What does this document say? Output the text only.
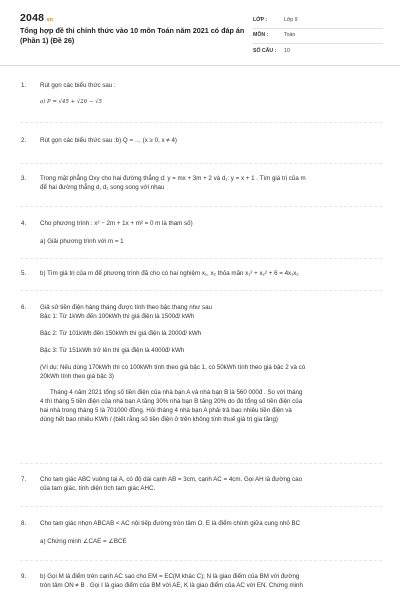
2048.vn
Tổng hợp đề thi chính thức vào 10 môn Toán năm 2021 có đáp án (Phần 1) (Đề 26)
LỚP :	Lớp 9
MÔN :	Toán
SỐ CÂU :	10
1. Rút gọn các biểu thức sau :
a) P = √45 + √20 − √5
2. Rút gọn các biểu thức sau :b) Q = … (x ≥ 0, x ≠ 4)
3. Trong mặt phẳng Oxy cho hai đường thẳng d: y = mx + 3m + 2 và d₁: y = x + 1 . Tìm giá trị của m
để hai đường thẳng d, d₁ song song với nhau
4. Cho phương trình : x² − 2m + 1x + m² = 0 m là tham số)
a) Giải phương trình với m = 1
5. b) Tìm giá trị của m để phương trình đã cho có hai nghiệm x₁, x₂ thỏa mãn x₁² + x₂² + 6 = 4x₁x₂
6. Giả sử tiền điện hàng tháng được tính theo bậc thang như sau
Bậc 1: Từ 1kWh đến 100kWh thì giá điện là 1500đ/ kWh
Bậc 2: Từ 101kWh đến 150kWh thì giá điện là 2000đ/ kWh
Bậc 3: Từ 151kWh trở lên thì giá điện là 4000đ/ kWh
(Ví dụ: Nếu dùng 170kWh thì có 100kWh tính theo giá bậc 1, có 50kWh tính theo giá bậc 2 và có
20kWh tính theo giá bậc 3)
Tháng 4 năm 2021 tổng số tiền điện của nhà bạn A và nhà bạn B là 560 000đ . So với tháng
4 thì tháng 5 tiền điện của nhà bạn A tăng 30% nhà bạn B tăng 20% do đó tổng số tiền điện của
hai nhà trong tháng 5 là 701000 đồng. Hỏi tháng 4 nhà bạn A phải trả bao nhiêu tiền điện và
dùng hết bao nhiêu KWh / (biết rằng số tiền điện ở trên không tính thuế giá trị gia tăng)
7. Cho tam giác ABC vuông tại A, có độ dài cạnh AB = 3cm, cạnh AC = 4cm. Gọi AH là đường cao
của tam giác, tính diện tích tam giác AHC.
8. Cho tam giác nhọn ABCAB < AC nội tiếp đường tròn tâm O. E là điểm chính giữa cung nhỏ BC
a) Chứng minh ∠CAE = ∠BCE
9. b) Gọi M là điểm trên cạnh AC sao cho EM = EC(M khác C); N là giao điểm của BM với đường
tròn tâm ON ≠ B . Gọi I là giao điểm của BM với AE, K là giao điểm của AC với EN. Chứng minh
